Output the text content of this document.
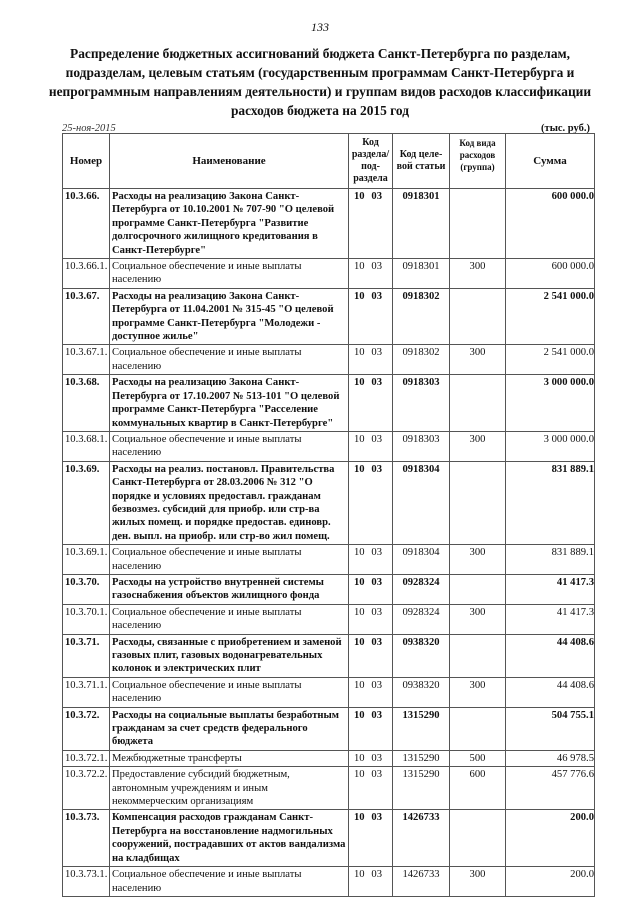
133
Распределение бюджетных ассигнований бюджета Санкт-Петербурга по разделам, подразделам, целевым статьям (государственным программам Санкт-Петербурга и непрограммным направлениям деятельности) и группам видов расходов классификации расходов бюджета на 2015 год
25-ноя-2015	(тыс. руб.)
Номер	Наименование	Код раздела/ под-раздела	Код целе-вой статьи	Код вида расходов (группа)	Сумма
10.3.66.	Расходы на реализацию Закона Санкт-Петербурга от 10.10.2001 № 707-90 "О целевой программе Санкт-Петербурга "Развитие долгосрочного жилищного кредитования в Санкт-Петербурге"	10 03	0918301		600 000.0
10.3.66.1.	Социальное обеспечение и иные выплаты населению	10 03	0918301	300	600 000.0
10.3.67.	Расходы на реализацию Закона Санкт-Петербурга от 11.04.2001 № 315-45 "О целевой программе Санкт-Петербурга "Молодежи - доступное жилье"	10 03	0918302		2 541 000.0
10.3.67.1.	Социальное обеспечение и иные выплаты населению	10 03	0918302	300	2 541 000.0
10.3.68.	Расходы на реализацию Закона Санкт-Петербурга от 17.10.2007 № 513-101 "О целевой программе Санкт-Петербурга "Расселение коммунальных квартир в Санкт-Петербурге"	10 03	0918303		3 000 000.0
10.3.68.1.	Социальное обеспечение и иные выплаты населению	10 03	0918303	300	3 000 000.0
10.3.69.	Расходы на реализ. постановл. Правительства Санкт-Петербурга от 28.03.2006 № 312 "О порядке и условиях предоставл. гражданам безвозмез. субсидий для приобр. или стр-ва жилых помещ. и порядке предостав. единовр. ден. выпл. на приобр. или стр-во жил помещ.	10 03	0918304		831 889.1
10.3.69.1.	Социальное обеспечение и иные выплаты населению	10 03	0918304	300	831 889.1
10.3.70.	Расходы на устройство внутренней системы газоснабжения объектов жилищного фонда	10 03	0928324		41 417.3
10.3.70.1.	Социальное обеспечение и иные выплаты населению	10 03	0928324	300	41 417.3
10.3.71.	Расходы, связанные с приобретением и заменой газовых плит, газовых водонагревательных колонок и электрических плит	10 03	0938320		44 408.6
10.3.71.1.	Социальное обеспечение и иные выплаты населению	10 03	0938320	300	44 408.6
10.3.72.	Расходы на социальные выплаты безработным гражданам за счет средств федерального бюджета	10 03	1315290		504 755.1
10.3.72.1.	Межбюджетные трансферты	10 03	1315290	500	46 978.5
10.3.72.2.	Предоставление субсидий бюджетным, автономным учреждениям и иным некоммерческим организациям	10 03	1315290	600	457 776.6
10.3.73.	Компенсация расходов гражданам Санкт-Петербурга на восстановление надмогильных сооружений, пострадавших от актов вандализма на кладбищах	10 03	1426733		200.0
10.3.73.1.	Социальное обеспечение и иные выплаты населению	10 03	1426733	300	200.0
